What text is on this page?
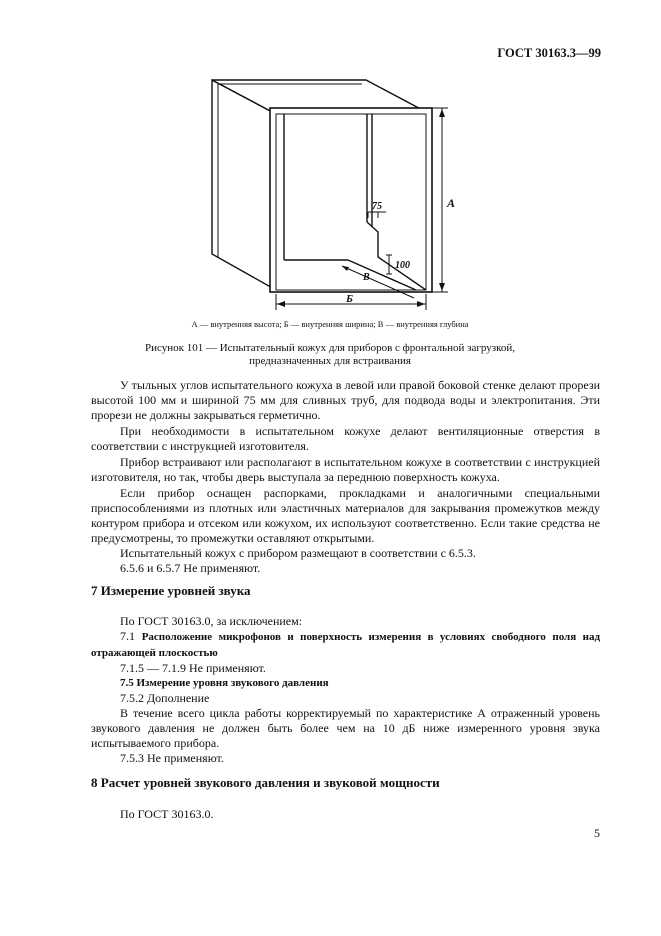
ГОСТ 30163.3—99
А
Б
В
75
100
А — внутренняя высота; Б — внутренняя ширина; В — внутренняя глубина
Рисунок 101 — Испытательный кожух для приборов с фронтальной загрузкой,
предназначенных для встраивания

У тыльных углов испытательного кожуха в левой или правой боковой стенке делают прорези высотой 100 мм и шириной 75 мм для сливных труб, для подвода воды и электропитания. Эти прорези не должны закрываться герметично.

При необходимости в испытательном кожухе делают вентиляционные отверстия в соответствии с инструкцией изготовителя.

Прибор встраивают или располагают в испытательном кожухе в соответствии с инструкцией изготовителя, но так, чтобы дверь выступала за переднюю поверхность кожуха.

Если прибор оснащен распорками, прокладками и аналогичными специальными приспособлениями из плотных или эластичных материалов для закрывания промежутков между контуром прибора и отсеком или кожухом, их используют соответственно. Если такие средства не предусмотрены, то промежутки оставляют открытыми.

Испытательный кожух с прибором размещают в соответствии с 6.5.3.

6.5.6 и 6.5.7 Не применяют.

7 Измерение уровней звука

По ГОСТ 30163.0, за исключением:

7.1 Расположение микрофонов и поверхность измерения в условиях свободного поля над отражающей плоскостью

7.1.5 — 7.1.9 Не применяют.

7.5 Измерение уровня звукового давления

7.5.2 Дополнение

В течение всего цикла работы корректируемый по характеристике А отраженный уровень звукового давления не должен быть более чем на 10 дБ ниже измеренного уровня звука испытываемого прибора.

7.5.3 Не применяют.

8 Расчет уровней звукового давления и звуковой мощности

По ГОСТ 30163.0.

5
